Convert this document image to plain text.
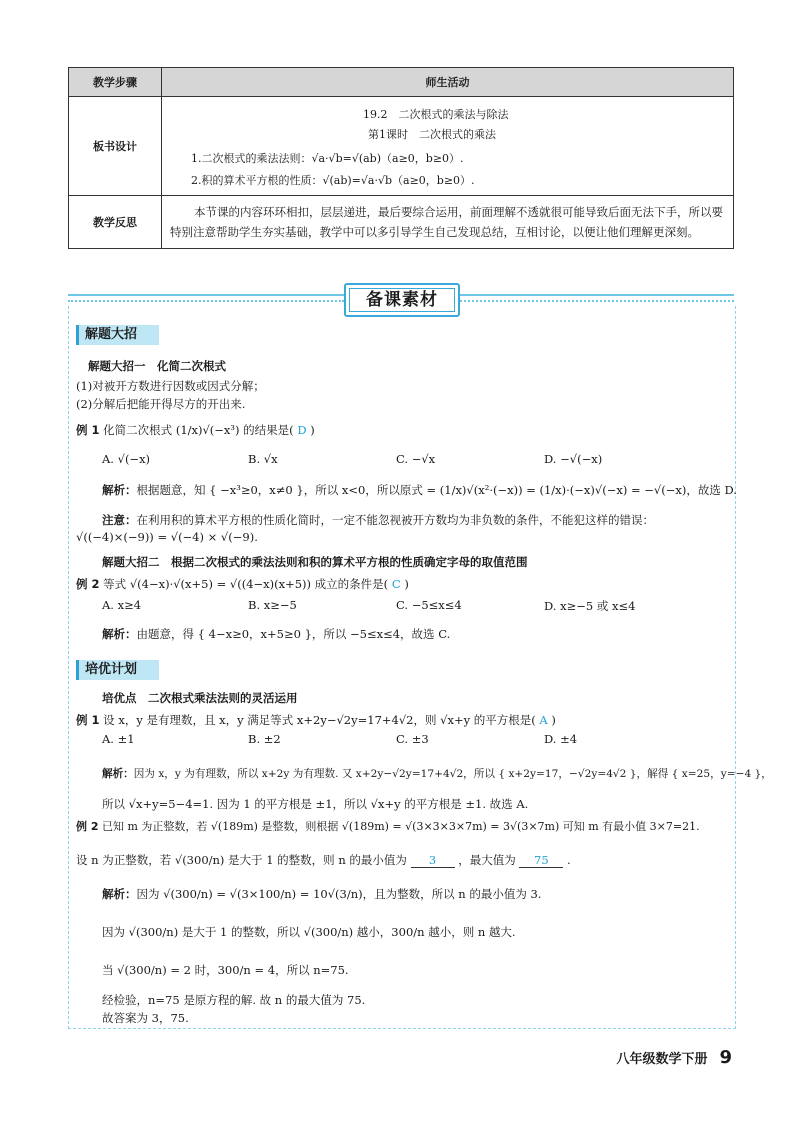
教学步骤	师生活动
板书设计	19.2　二次根式的乘法与除法
第1课时　二次根式的乘法
1.二次根式的乘法法则：√a·√b=√(ab)（a≥0，b≥0）.
2.积的算术平方根的性质：√(ab)=√a·√b（a≥0，b≥0）.

教学反思	本节课的内容环环相扣，层层递进，最后要综合运用，前面理解不透就很可能导致后面无法下手，所以要特别注意帮助学生夯实基础，教学中可以多引导学生自己发现总结，互相讨论，以便让他们理解更深刻。
备课素材
解题大招
解题大招一　化简二次根式
(1)对被开方数进行因数或因式分解；
(2)分解后把能开得尽方的开出来.
例 1 化简二次根式 (1/x)√(−x³) 的结果是( D )
A. √(−x)	B. √x	C. −√x	D. −√(−x)
解析：根据题意，知 { −x³≥0，x≠0 }，所以 x<0，所以原式 = (1/x)√(x²·(−x)) = (1/x)·(−x)√(−x) = −√(−x)，故选 D.
注意：在利用积的算术平方根的性质化简时，一定不能忽视被开方数均为非负数的条件，不能犯这样的错误：
√((−4)×(−9)) = √(−4) × √(−9).
解题大招二　根据二次根式的乘法法则和积的算术平方根的性质确定字母的取值范围
例 2 等式 √(4−x)·√(x+5) = √((4−x)(x+5)) 成立的条件是( C )
A. x≥4	B. x≥−5	C. −5≤x≤4	D. x≥−5 或 x≤4
解析：由题意，得 { 4−x≥0，x+5≥0 }，所以 −5≤x≤4，故选 C.
培优计划
培优点　二次根式乘法法则的灵活运用
例 1 设 x，y 是有理数，且 x，y 满足等式 x+2y−√2y=17+4√2，则 √x+y 的平方根是( A )
A. ±1	B. ±2	C. ±3	D. ±4
解析：因为 x，y 为有理数，所以 x+2y 为有理数. 又 x+2y−√2y=17+4√2，所以 { x+2y=17，−√2y=4√2 }，解得 { x=25，y=−4 }，
所以 √x+y=5−4=1. 因为 1 的平方根是 ±1，所以 √x+y 的平方根是 ±1. 故选 A.
例 2 已知 m 为正整数，若 √(189m) 是整数，则根据 √(189m) = √(3×3×3×7m) = 3√(3×7m) 可知 m 有最小值 3×7=21.
设 n 为正整数，若 √(300/n) 是大于 1 的整数，则 n 的最小值为 3 ，最大值为 75 .
解析：因为 √(300/n) = √(3×100/n) = 10√(3/n)，且为整数，所以 n 的最小值为 3.
因为 √(300/n) 是大于 1 的整数，所以 √(300/n) 越小，300/n 越小，则 n 越大.
当 √(300/n) = 2 时，300/n = 4，所以 n=75.
经检验，n=75 是原方程的解. 故 n 的最大值为 75.
故答案为 3，75.
八年级数学下册 9
